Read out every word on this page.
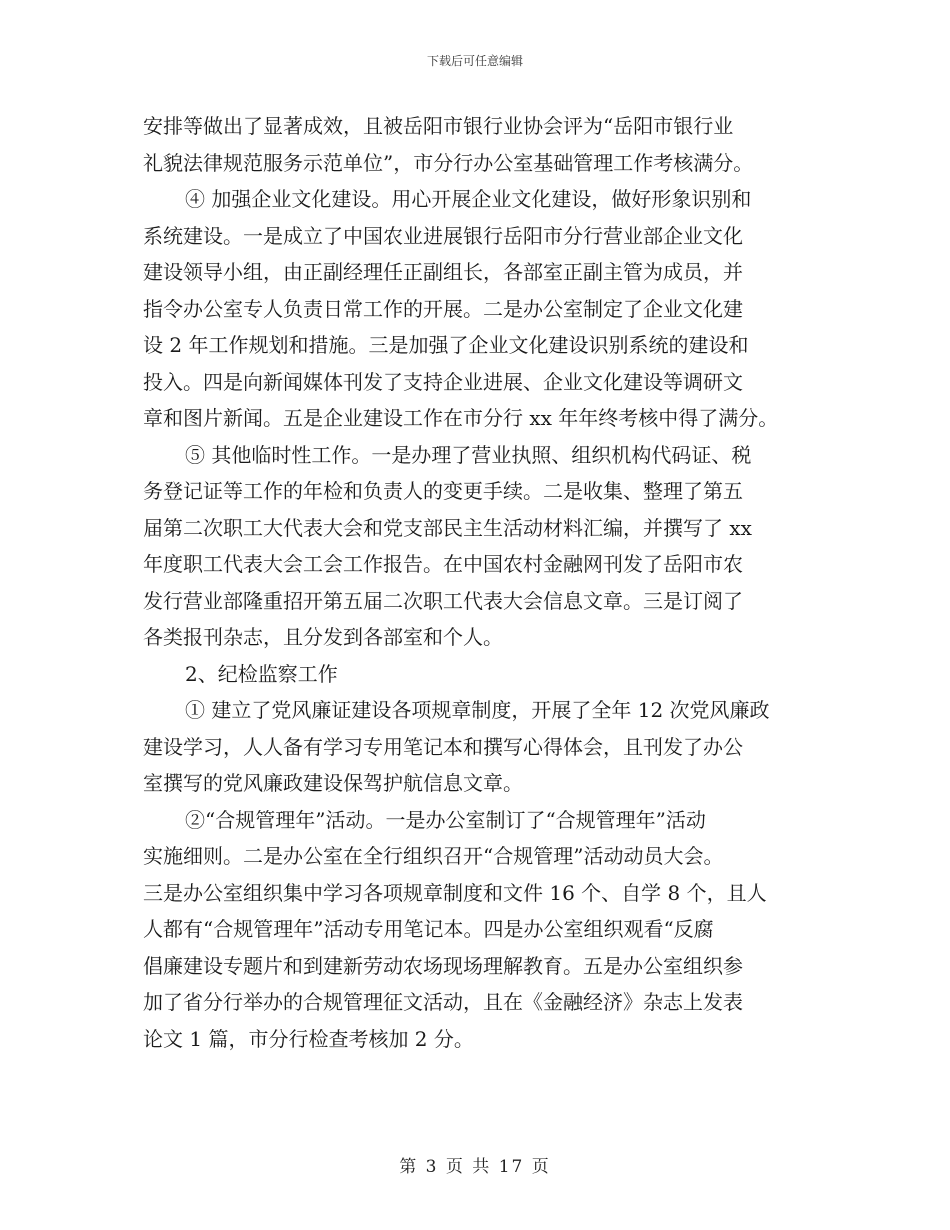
下载后可任意编辑
安排等做出了显著成效，且被岳阳市银行业协会评为“岳阳市银行业
礼貌法律规范服务示范单位”，市分行办公室基础管理工作考核满分。
④ 加强企业文化建设。用心开展企业文化建设，做好形象识别和
系统建设。一是成立了中国农业进展银行岳阳市分行营业部企业文化
建设领导小组，由正副经理任正副组长，各部室正副主管为成员，并
指令办公室专人负责日常工作的开展。二是办公室制定了企业文化建
设 2 年工作规划和措施。三是加强了企业文化建设识别系统的建设和
投入。四是向新闻媒体刊发了支持企业进展、企业文化建设等调研文
章和图片新闻。五是企业建设工作在市分行 xx 年年终考核中得了满分。
⑤ 其他临时性工作。一是办理了营业执照、组织机构代码证、税
务登记证等工作的年检和负责人的变更手续。二是收集、整理了第五
届第二次职工大代表大会和党支部民主生活动材料汇编，并撰写了 xx
年度职工代表大会工会工作报告。在中国农村金融网刊发了岳阳市农
发行营业部隆重招开第五届二次职工代表大会信息文章。三是订阅了
各类报刊杂志，且分发到各部室和个人。
2、纪检监察工作
① 建立了党风廉证建设各项规章制度，开展了全年 12 次党风廉政
建设学习，人人备有学习专用笔记本和撰写心得体会，且刊发了办公
室撰写的党风廉政建设保驾护航信息文章。
②“合规管理年”活动。一是办公室制订了“合规管理年”活动
实施细则。二是办公室在全行组织召开“合规管理”活动动员大会。
三是办公室组织集中学习各项规章制度和文件 16 个、自学 8 个，且人
人都有“合规管理年”活动专用笔记本。四是办公室组织观看“反腐
倡廉建设专题片和到建新劳动农场现场理解教育。五是办公室组织参
加了省分行举办的合规管理征文活动，且在《金融经济》杂志上发表
论文 1 篇，市分行检查考核加 2 分。
第 3 页 共 17 页
